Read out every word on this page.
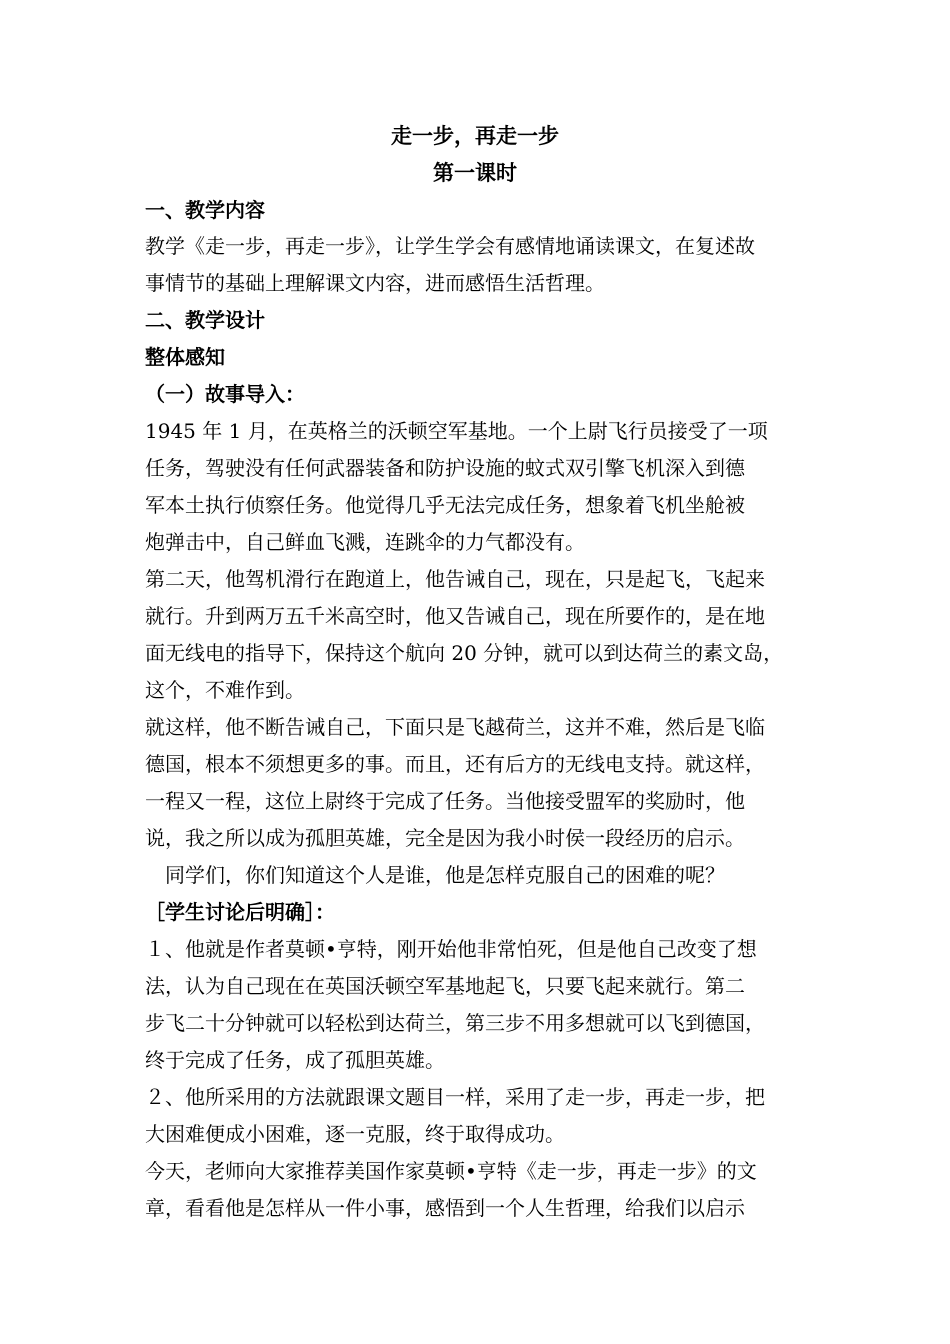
走一步，再走一步
第一课时
一、教学内容
教学《走一步，再走一步》，让学生学会有感情地诵读课文，在复述故
事情节的基础上理解课文内容，进而感悟生活哲理。
二、教学设计
整体感知
（一）故事导入：
1945 年 1 月，在英格兰的沃顿空军基地。一个上尉飞行员接受了一项
任务，驾驶没有任何武器装备和防护设施的蚊式双引擎飞机深入到德
军本土执行侦察任务。他觉得几乎无法完成任务，想象着飞机坐舱被
炮弹击中，自己鲜血飞溅，连跳伞的力气都没有。
第二天，他驾机滑行在跑道上，他告诫自己，现在，只是起飞，飞起来
就行。升到两万五千米高空时，他又告诫自己，现在所要作的，是在地
面无线电的指导下，保持这个航向 20 分钟，就可以到达荷兰的素文岛，
这个，不难作到。
就这样，他不断告诫自己，下面只是飞越荷兰，这并不难，然后是飞临
德国，根本不须想更多的事。而且，还有后方的无线电支持。就这样，
一程又一程，这位上尉终于完成了任务。当他接受盟军的奖励时，他
说，我之所以成为孤胆英雄，完全是因为我小时侯一段经历的启示。
　同学们，你们知道这个人是谁，他是怎样克服自己的困难的呢？
［学生讨论后明确］：
１、他就是作者莫顿•亨特，刚开始他非常怕死，但是他自己改变了想
法，认为自己现在在英国沃顿空军基地起飞，只要飞起来就行。第二
步飞二十分钟就可以轻松到达荷兰，第三步不用多想就可以飞到德国，
终于完成了任务，成了孤胆英雄。
２、他所采用的方法就跟课文题目一样，采用了走一步，再走一步，把
大困难便成小困难，逐一克服，终于取得成功。
今天，老师向大家推荐美国作家莫顿•亨特《走一步，再走一步》的文
章，看看他是怎样从一件小事，感悟到一个人生哲理，给我们以启示
